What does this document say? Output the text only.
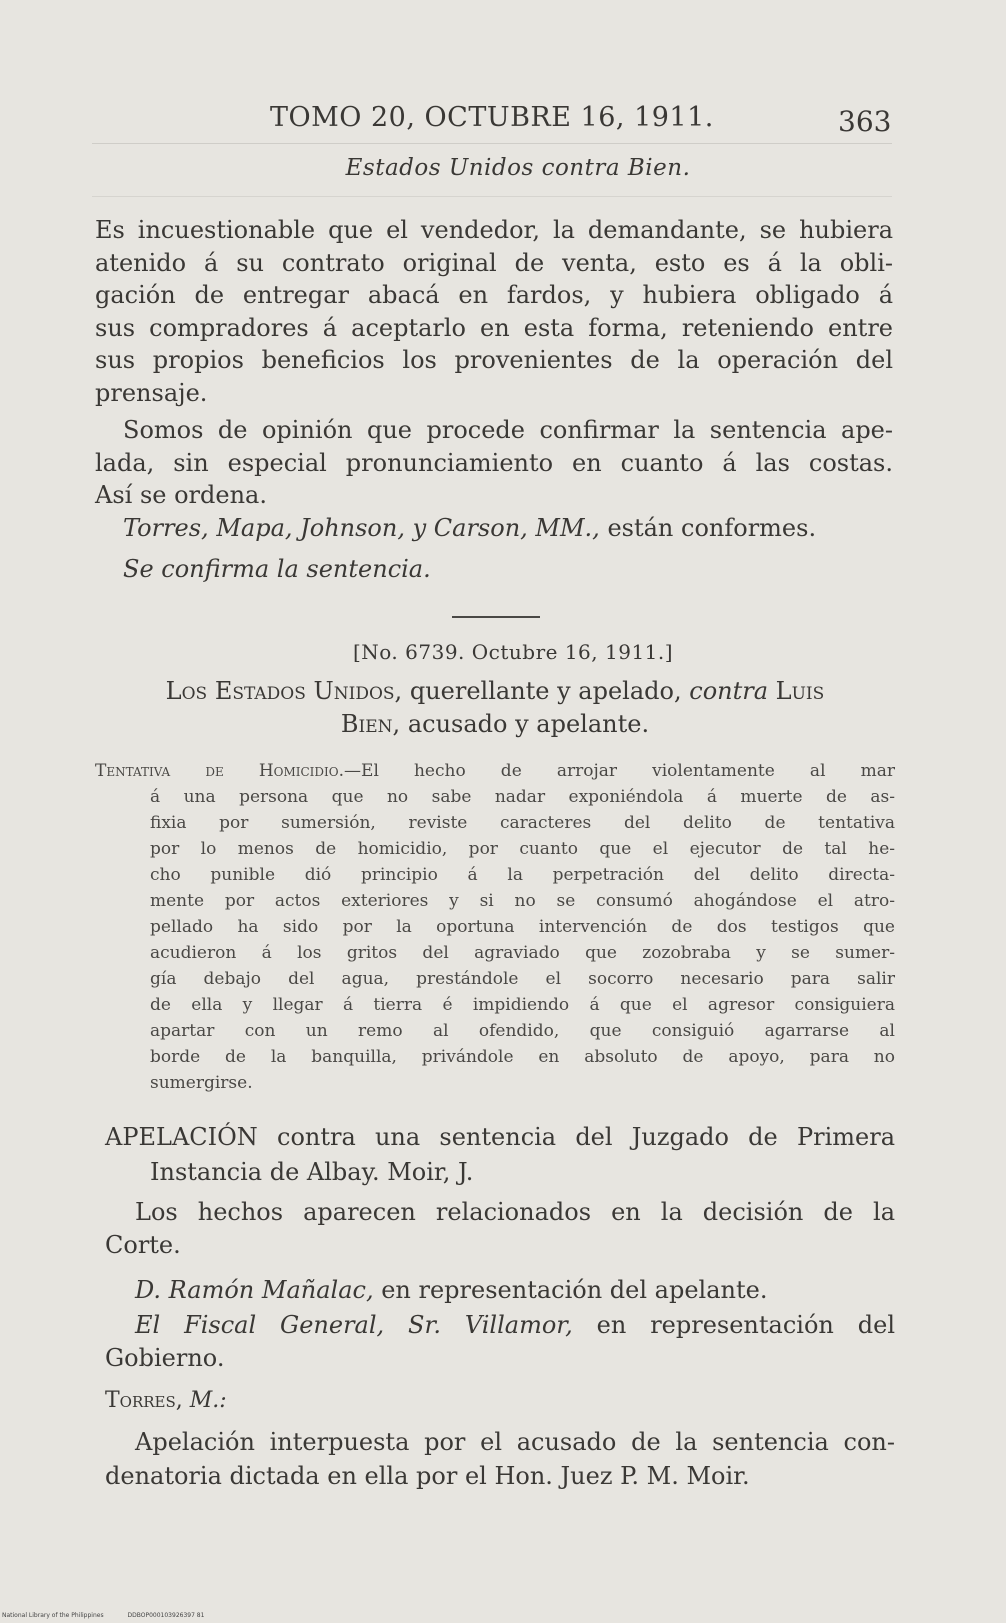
TOMO 20, OCTUBRE 16, 1911.	363
Estados Unidos contra Bien.
Es incuestionable que el vendedor, la demandante, se hubiera
atenido á su contrato original de venta, esto es á la obli-
gación de entregar abacá en fardos, y hubiera obligado á
sus compradores á aceptarlo en esta forma, reteniendo entre
sus propios beneficios los provenientes de la operación del
prensaje.
Somos de opinión que procede confirmar la sentencia ape-
lada, sin especial pronunciamiento en cuanto á las costas.
Así se ordena.
Torres, Mapa, Johnson, y Carson, MM., están conformes.
Se confirma la sentencia.
[No. 6739. Octubre 16, 1911.]
Los Estados Unidos, querellante y apelado, contra Luis
Bien, acusado y apelante.
Tentativa de Homicidio.—El hecho de arrojar violentamente al mar
á una persona que no sabe nadar exponiéndola á muerte de as-
fixia por sumersión, reviste caracteres del delito de tentativa
por lo menos de homicidio, por cuanto que el ejecutor de tal he-
cho punible dió principio á la perpetración del delito directa-
mente por actos exteriores y si no se consumó ahogándose el atro-
pellado ha sido por la oportuna intervención de dos testigos que
acudieron á los gritos del agraviado que zozobraba y se sumer-
gía debajo del agua, prestándole el socorro necesario para salir
de ella y llegar á tierra é impidiendo á que el agresor consiguiera
apartar con un remo al ofendido, que consiguió agarrarse al
borde de la banquilla, privándole en absoluto de apoyo, para no
sumergirse.
APELACIÓN contra una sentencia del Juzgado de Primera
Instancia de Albay. Moir, J.
Los hechos aparecen relacionados en la decisión de la
Corte.
D. Ramón Mañalac, en representación del apelante.
El Fiscal General, Sr. Villamor, en representación del
Gobierno.
Torres, M.:
Apelación interpuesta por el acusado de la sentencia con-
denatoria dictada en ella por el Hon. Juez P. M. Moir.
National Library of the Philippines	DDBOP000103926397 81
